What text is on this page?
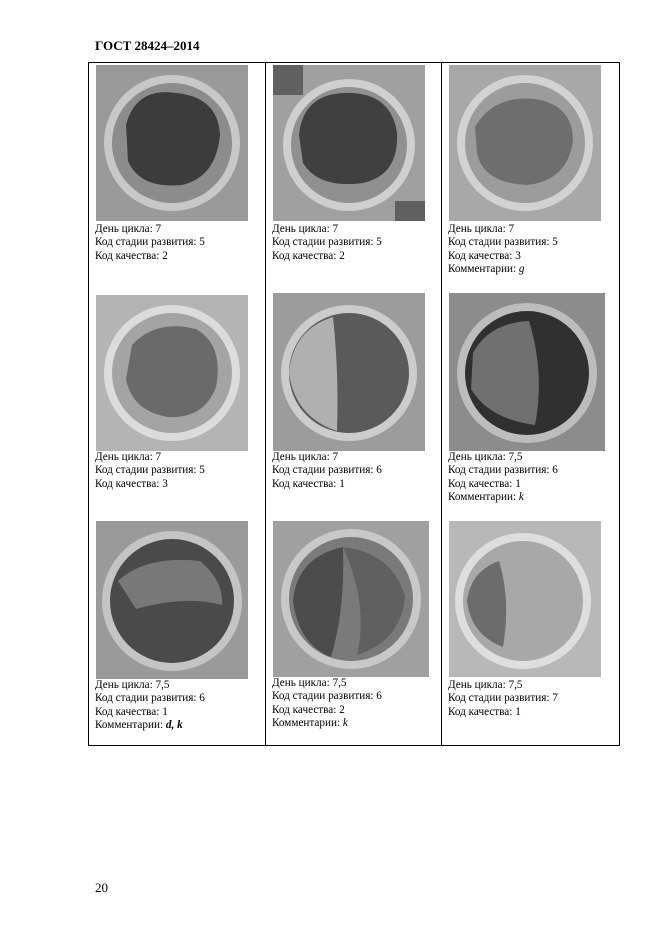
ГОСТ 28424–2014
День цикла: 7
Код стадии развития: 5
Код качества: 2
День цикла: 7
Код стадии развития: 5
Код качества: 2
День цикла: 7
Код стадии развития: 5
Код качества: 3
Комментарии: g
День цикла: 7
Код стадии развития: 5
Код качества: 3
День цикла: 7
Код стадии развития: 6
Код качества: 1
День цикла: 7,5
Код стадии развития: 6
Код качества: 1
Комментарии: k
День цикла: 7,5
Код стадии развития: 6
Код качества: 1
Комментарии: d, k
День цикла: 7,5
Код стадии развития: 6
Код качества: 2
Комментарии: k
День цикла: 7,5
Код стадии развития: 7
Код качества: 1
20
